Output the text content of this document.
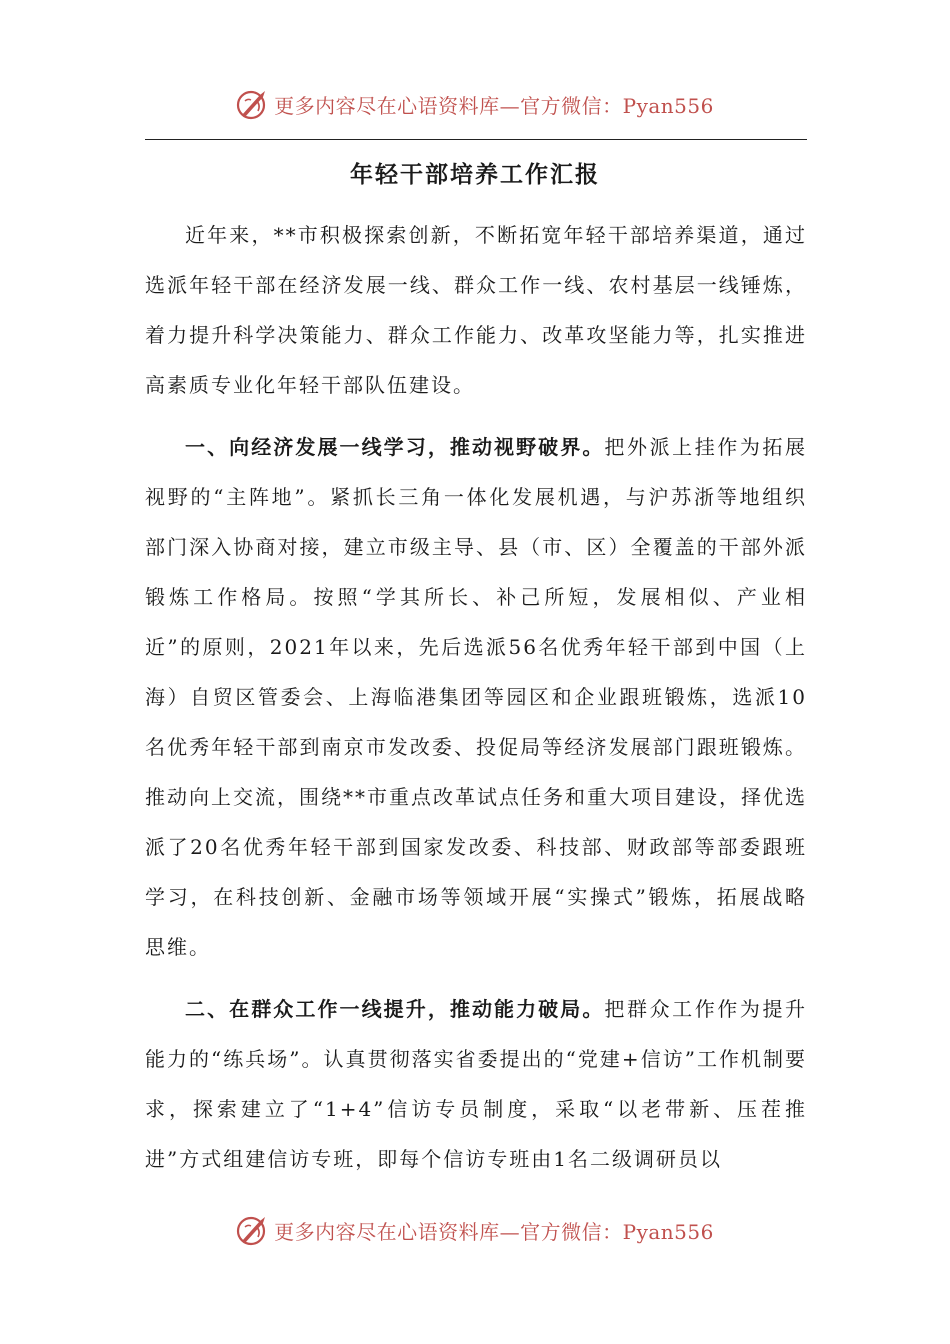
更多内容尽在心语资料库—官方微信：Pyan556
年轻干部培养工作汇报

近年来，**市积极探索创新，不断拓宽年轻干部培养渠道，通过选派年轻干部在经济发展一线、群众工作一线、农村基层一线锤炼，着力提升科学决策能力、群众工作能力、改革攻坚能力等，扎实推进高素质专业化年轻干部队伍建设。

一、向经济发展一线学习，推动视野破界。把外派上挂作为拓展视野的“主阵地”。紧抓长三角一体化发展机遇，与沪苏浙等地组织部门深入协商对接，建立市级主导、县（市、区）全覆盖的干部外派锻炼工作格局。按照“学其所长、补己所短，发展相似、产业相近”的原则，2021年以来，先后选派56名优秀年轻干部到中国（上海）自贸区管委会、上海临港集团等园区和企业跟班锻炼，选派10名优秀年轻干部到南京市发改委、投促局等经济发展部门跟班锻炼。推动向上交流，围绕**市重点改革试点任务和重大项目建设，择优选派了20名优秀年轻干部到国家发改委、科技部、财政部等部委跟班学习，在科技创新、金融市场等领域开展“实操式”锻炼，拓展战略思维。

二、在群众工作一线提升，推动能力破局。把群众工作作为提升能力的“练兵场”。认真贯彻落实省委提出的“党建+信访”工作机制要求，探索建立了“1+4”信访专员制度，采取“以老带新、压茬推进”方式组建信访专班，即每个信访专班由1名二级调研员以

更多内容尽在心语资料库—官方微信：Pyan556
